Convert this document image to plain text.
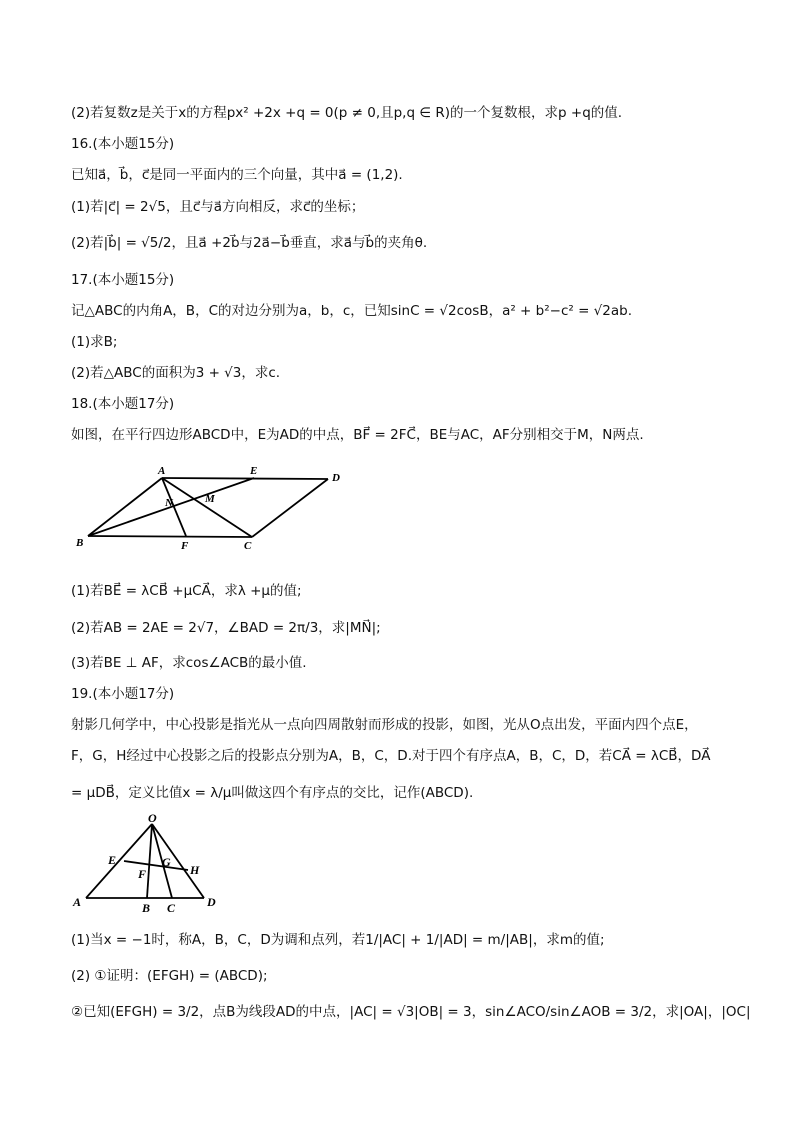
(2)若复数z是关于x的方程px² +2x +q = 0(p ≠ 0,且p,q ∈ R)的一个复数根，求p +q的值.
16.(本小题15分)
已知a⃗，b⃗，c⃗是同一平面内的三个向量，其中a⃗ = (1,2).
(1)若|c⃗| = 2√5，且c⃗与a⃗方向相反，求c⃗的坐标；
(2)若|b⃗| = √5/2，且a⃗ +2b⃗与2a⃗−b⃗垂直，求a⃗与b⃗的夹角θ.
17.(本小题15分)
记△ABC的内角A，B，C的对边分别为a，b，c，已知sinC = √2cosB，a² + b²−c² = √2ab.
(1)求B;
(2)若△ABC的面积为3 + √3，求c.
18.(本小题17分)
如图，在平行四边形ABCD中，E为AD的中点，BF⃗ = 2FC⃗，BE与AC，AF分别相交于M，N两点.
A	E
D
N	M
B	F	C
(1)若BE⃗ = λCB⃗ +μCA⃗，求λ +μ的值;
(2)若AB = 2AE = 2√7，∠BAD = 2π/3，求|MN⃗|;
(3)若BE ⊥ AF，求cos∠ACB的最小值.
19.(本小题17分)
射影几何学中，中心投影是指光从一点向四周散射而形成的投影，如图，光从O点出发，平面内四个点E，
F，G，H经过中心投影之后的投影点分别为A，B，C，D.对于四个有序点A，B，C，D，若CA⃗ = λCB⃗，DA⃗
= μDB⃗，定义比值x = λ/μ叫做这四个有序点的交比，记作(ABCD).
O
E	G
H
F
A	B C	D
(1)当x = −1时，称A，B，C，D为调和点列，若1/|AC| + 1/|AD| = m/|AB|，求m的值;
(2) ①证明：(EFGH) = (ABCD);
②已知(EFGH) = 3/2，点B为线段AD的中点，|AC| = √3|OB| = 3，sin∠ACO/sin∠AOB = 3/2，求|OA|，|OC|
